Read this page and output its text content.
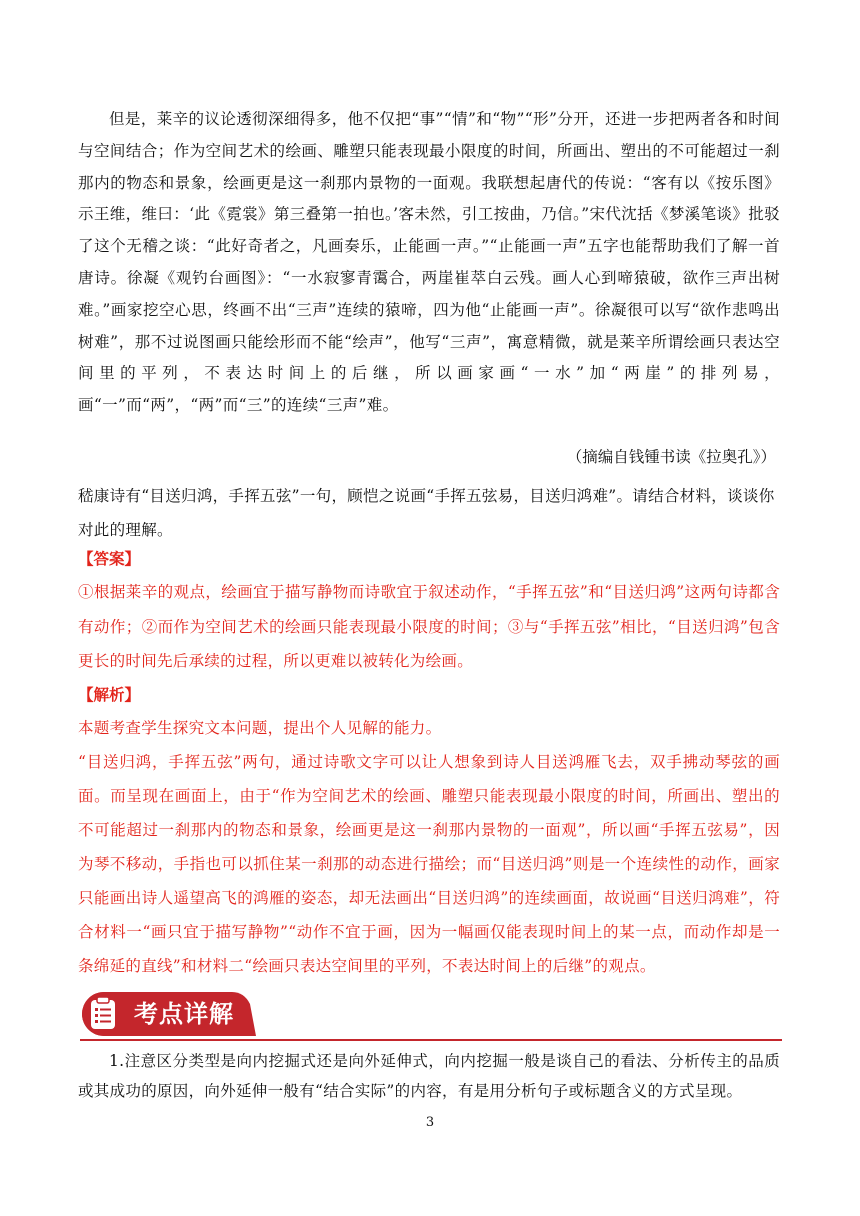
但是，莱辛的议论透彻深细得多，他不仅把“事”“情”和“物”“形”分开，还进一步把两者各和时间与空间结合；作为空间艺术的绘画、雕塑只能表现最小限度的时间，所画出、塑出的不可能超过一刹那内的物态和景象，绘画更是这一刹那内景物的一面观。我联想起唐代的传说：“客有以《按乐图》示王维，维曰：‘此《霓裳》第三叠第一拍也。’客未然，引工按曲，乃信。”宋代沈括《梦溪笔谈》批驳了这个无稽之谈：“此好奇者之，凡画奏乐，止能画一声。”“止能画一声”五字也能帮助我们了解一首唐诗。徐凝《观钓台画图》：“一水寂寥青霭合，两崖崔萃白云残。画人心到啼猿破，欲作三声出树难。”画家挖空心思，终画不出“三声”连续的猿啼，四为他“止能画一声”。徐凝很可以写“欲作悲鸣出树难”，那不过说图画只能绘形而不能“绘声”，他写“三声”，寓意精微，就是莱辛所谓绘画只表达空间里的平列，不表达时间上的后继，所以画家画“一水”加“两崖”的排列易，画“一”而“两”，“两”而“三”的连续“三声”难。

（摘编自钱锺书读《拉奥孔》）
嵇康诗有“目送归鸿，手挥五弦”一句，顾恺之说画“手挥五弦易，目送归鸿难”。请结合材料，谈谈你对此的理解。
【答案】
①根据莱辛的观点，绘画宜于描写静物而诗歌宜于叙述动作，“手挥五弦”和“目送归鸿”这两句诗都含有动作；②而作为空间艺术的绘画只能表现最小限度的时间；③与“手挥五弦”相比，“目送归鸿”包含更长的时间先后承续的过程，所以更难以被转化为绘画。
【解析】

本题考查学生探究文本问题，提出个人见解的能力。

“目送归鸿，手挥五弦”两句，通过诗歌文字可以让人想象到诗人目送鸿雁飞去，双手拂动琴弦的画面。而呈现在画面上，由于“作为空间艺术的绘画、雕塑只能表现最小限度的时间，所画出、塑出的不可能超过一刹那内的物态和景象，绘画更是这一刹那内景物的一面观”，所以画“手挥五弦易”，因为琴不移动，手指也可以抓住某一刹那的动态进行描绘；而“目送归鸿”则是一个连续性的动作，画家只能画出诗人遥望高飞的鸿雁的姿态，却无法画出“目送归鸿”的连续画面，故说画“目送归鸿难”，符合材料一“画只宜于描写静物”“动作不宜于画，因为一幅画仅能表现时间上的某一点，而动作却是一条绵延的直线”和材料二“绘画只表达空间里的平列，不表达时间上的后继”的观点。

考点详解

1.注意区分类型是向内挖掘式还是向外延伸式，向内挖掘一般是谈自己的看法、分析传主的品质或其成功的原因，向外延伸一般有“结合实际”的内容，有是用分析句子或标题含义的方式呈现。

3
